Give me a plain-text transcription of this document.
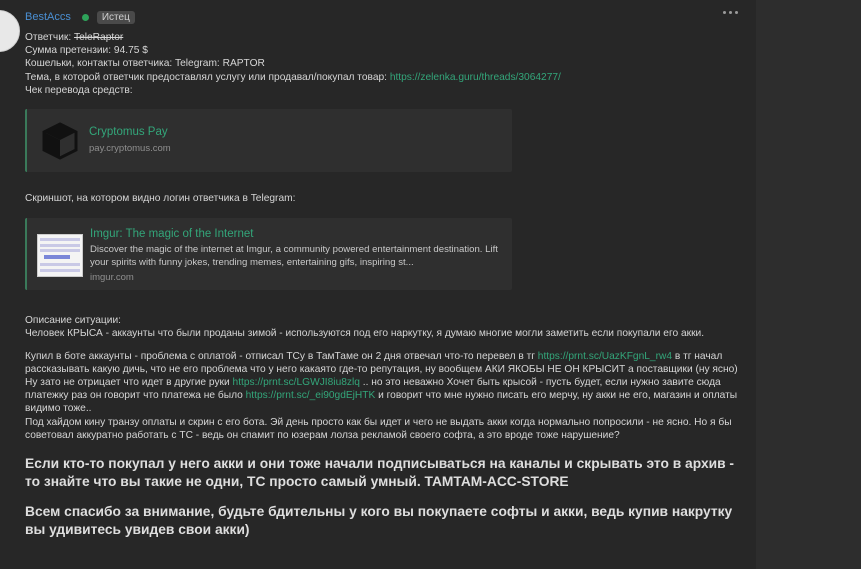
BestAccs	Истец
Ответчик: TeleRaptor
Сумма претензии: 94.75 $
Кошельки, контакты ответчика: Telegram: RAPTOR
Тема, в которой ответчик предоставлял услугу или продавал/покупал товар: https://zelenka.guru/threads/3064277/
Чек перевода средств:
Cryptomus Pay
pay.cryptomus.com
Скриншот, на котором видно логин ответчика в Telegram:
Imgur: The magic of the Internet
Discover the magic of the internet at Imgur, a community powered entertainment destination. Lift your spirits with funny jokes, trending memes, entertaining gifs, inspiring st...
imgur.com
Описание ситуации:
Человек КРЫСА - аккаунты что были проданы зимой - используются под его наркутку, я думаю многие могли заметить если покупали его акки.
Купил в боте аккаунты - проблема с оплатой - отписал ТСу в ТамТаме он 2 дня отвечал что-то перевел в тг https://prnt.sc/UazKFgnL_rw4 в тг начал рассказывать какую дичь, что не его проблема что у него какаято где-то репутация, ну вообщем АКИ ЯКОБЫ НЕ ОН КРЫСИТ а поставщики (ну ясно)
Ну зато не отрицает что идет в другие руки https://prnt.sc/LGWJI8iu8zlq .. но это неважно Хочет быть крысой - пусть будет, если нужно завите сюда платежку раз он говорит что платежа не было https://prnt.sc/_ei90gdEjHTK и говорит что мне нужно писать его мерчу, ну акки не его, магазин и оплаты видимо тоже..
Под хайдом кину транзу оплаты и скрин с его бота. Эй день просто как бы идет и чего не выдать акки когда нормально попросили - не ясно. Но я бы советовал аккуратно работать с ТС - ведь он спамит по юзерам лолза рекламой своего софта, а это вроде тоже нарушение?
Если кто-то покупал у него акки и они тоже начали подписываться на каналы и скрывать это в архив - то знайте что вы такие не одни, ТС просто самый умный. TAMTAM-ACC-STORE
Всем спасибо за внимание, будьте бдительны у кого вы покупаете софты и акки, ведь купив накрутку вы удивитесь увидев свои акки)
